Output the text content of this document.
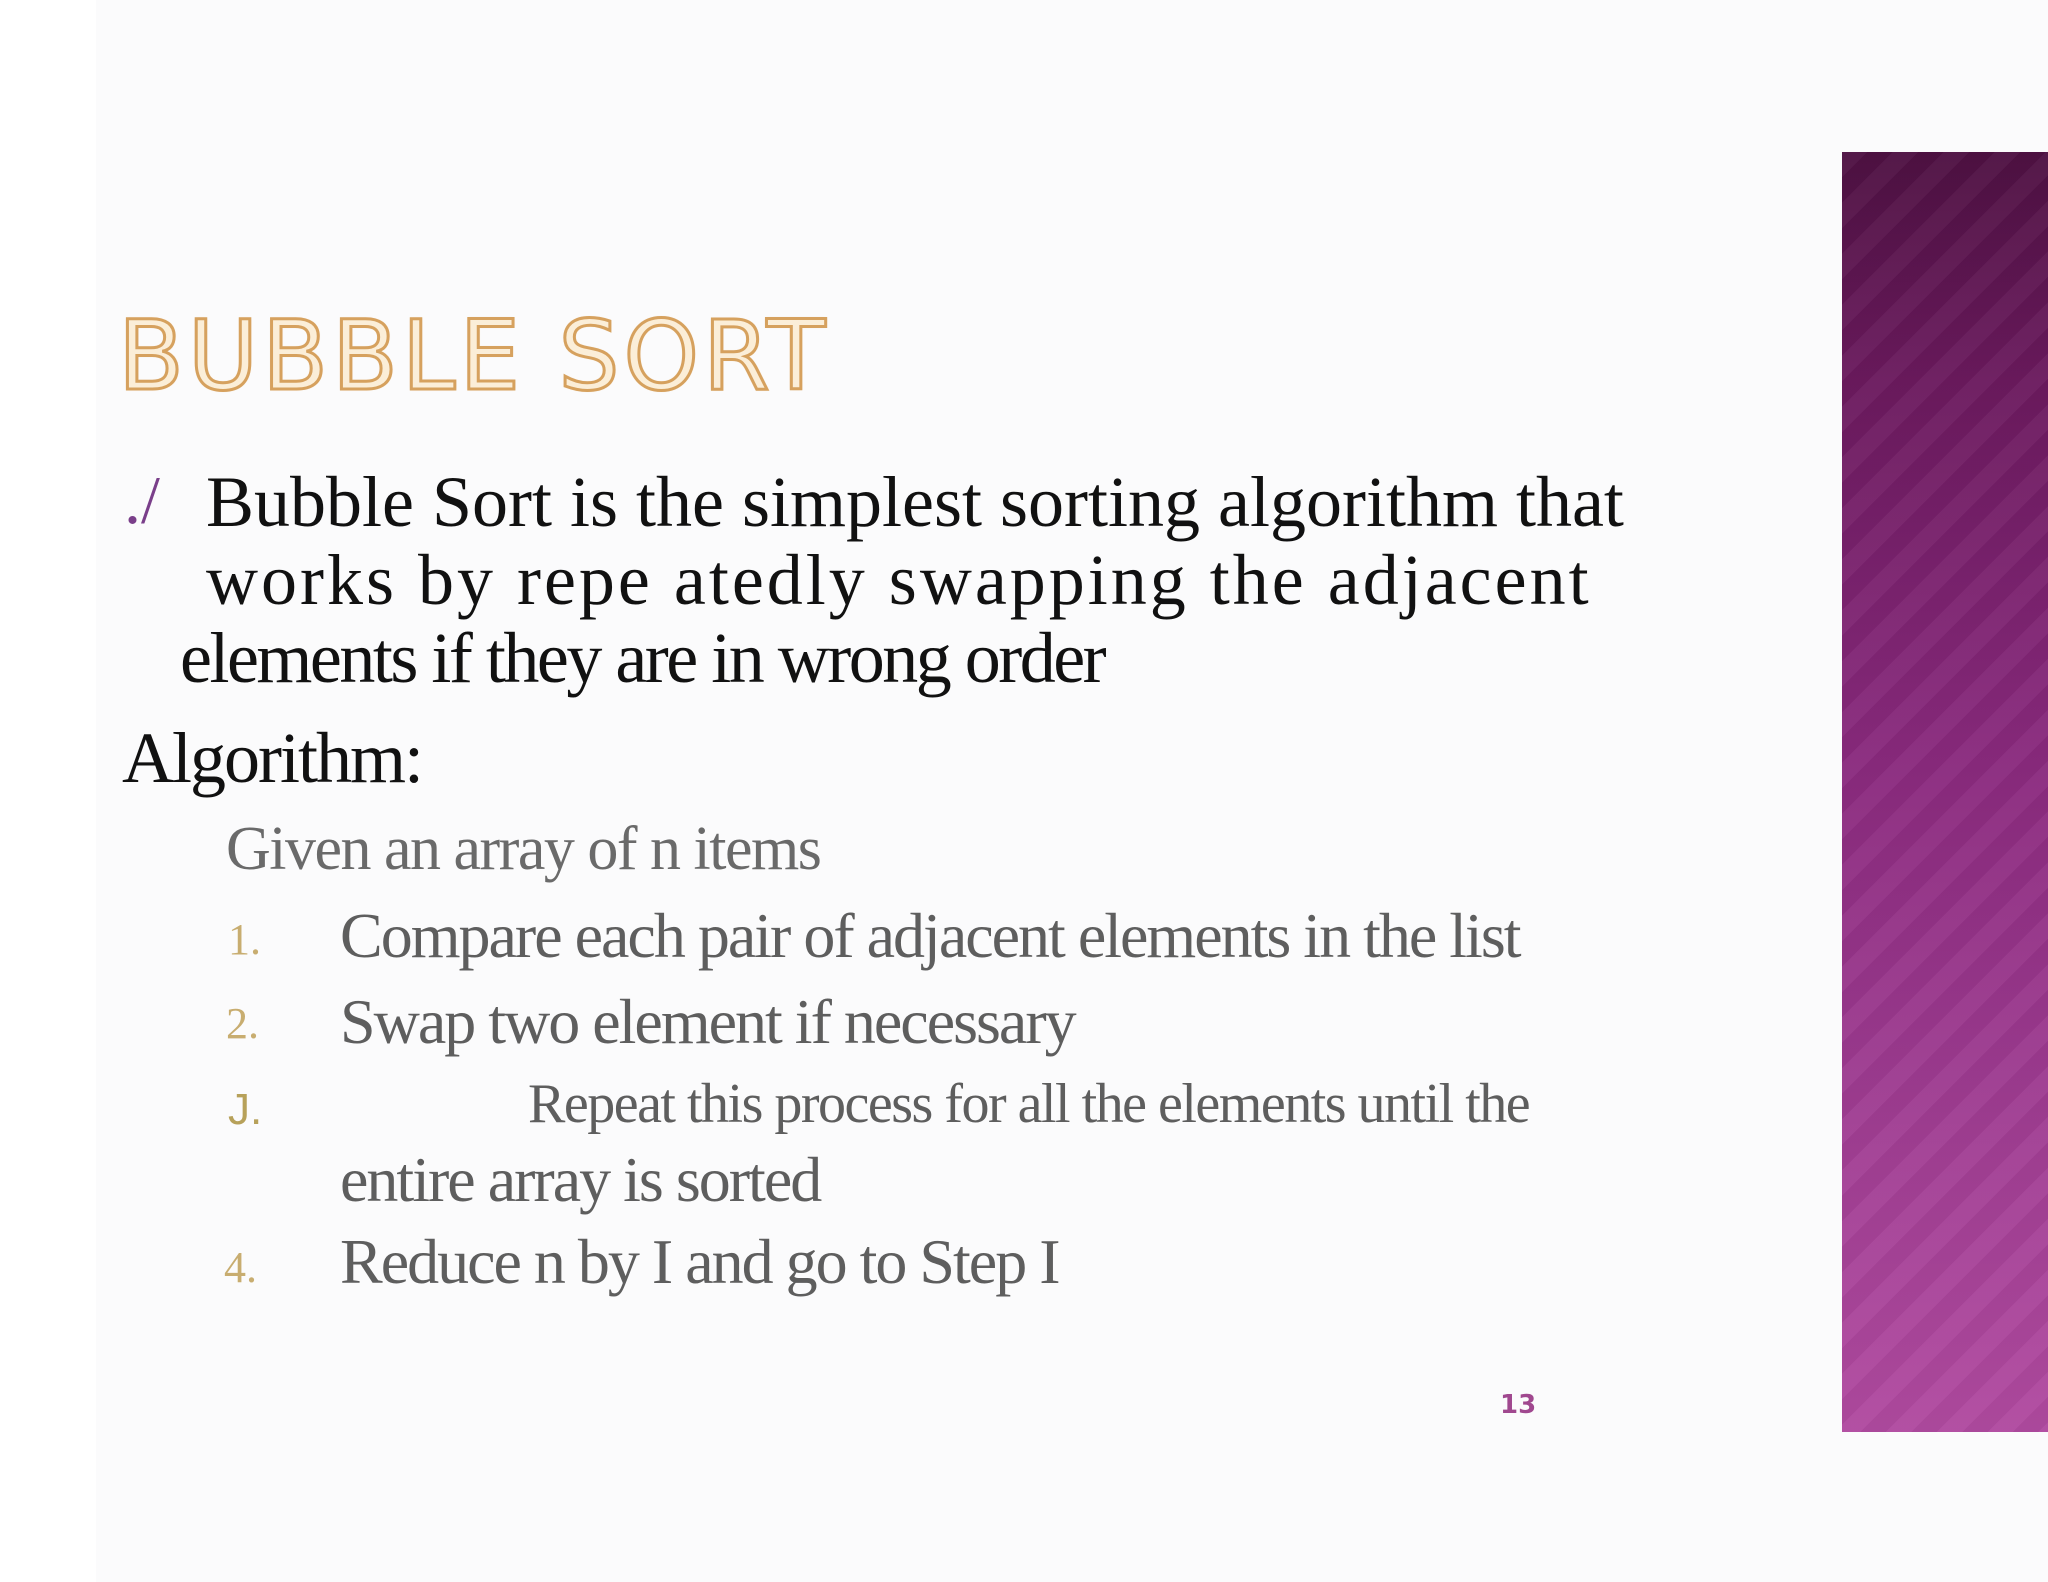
BUBBLE SORT
./ Bubble Sort is the simplest sorting algorithm that

works by repe atedly swapping the adjacent

elements if they are in wrong order

Algorithm:

Given an array of n items

1. Compare each pair of adjacent elements in the list

2. Swap two element if necessary

J.	Repeat this process for all the elements until the

entire array is sorted

4. Reduce n by I and go to Step I

13
